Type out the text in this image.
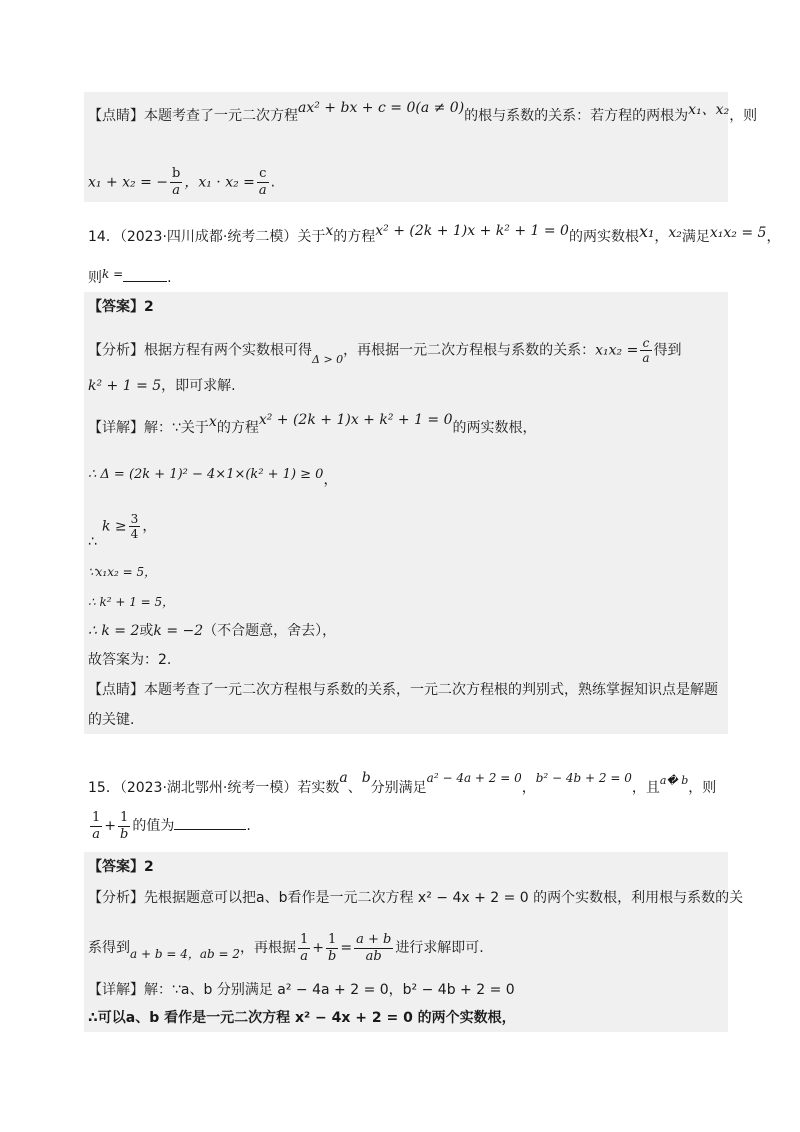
【点睛】本题考查了一元二次方程ax² + bx + c = 0(a ≠ 0)的根与系数的关系：若方程的两根为x₁、x₂，则
x₁ + x₂ = − $\frac{b}{a}$ ，$x_1 \cdot x_2 = \frac{c}{a}$ .
14．（2023·四川成都·统考二模）关于x的方程x² + (2k + 1)x + k² + 1 = 0的两实数根x₁，x₂满足x₁x₂ = 5，
则k =	.
【答案】2
【分析】根据方程有两个实数根可得$_{\Delta > 0}$，再根据一元二次方程根与系数的关系：$x_1x_2 = \frac{c}{a}$ 得到
k² + 1 = 5，即可求解.
【详解】解：∵关于x的方程x² + (2k + 1)x + k² + 1 = 0的两实数根，
∴ Δ = (2k + 1)² − 4×1×(k² + 1) ≥ 0，
$k \ge \frac{3}{4}$ ，
∴
∵x₁x₂ = 5，
∴ k² + 1 = 5，
∴ k = 2或k = −2（不合题意，舍去），
故答案为：2.
【点睛】本题考查了一元二次方程根与系数的关系，一元二次方程根的判别式，熟练掌握知识点是解题
的关键.
15．（2023·湖北鄂州·统考一模）若实数a、b分别满足a² − 4a + 2 = 0，b² − 4b + 2 = 0，且$^{a� b}$，则
$\frac{1}{a} + \frac{1}{b}$ 的值为	.
【答案】2
【分析】先根据题意可以把a、b看作是一元二次方程 x² − 4x + 2 = 0 的两个实数根，利用根与系数的关
系得到a + b = 4，ab = 2，再根据 $\frac{1}{a} + \frac{1}{b} = \frac{a + b}{ab}$ 进行求解即可.
【详解】解：∵a、b 分别满足 a² − 4a + 2 = 0，b² − 4b + 2 = 0
∴可以a、b 看作是一元二次方程 x² − 4x + 2 = 0 的两个实数根，
